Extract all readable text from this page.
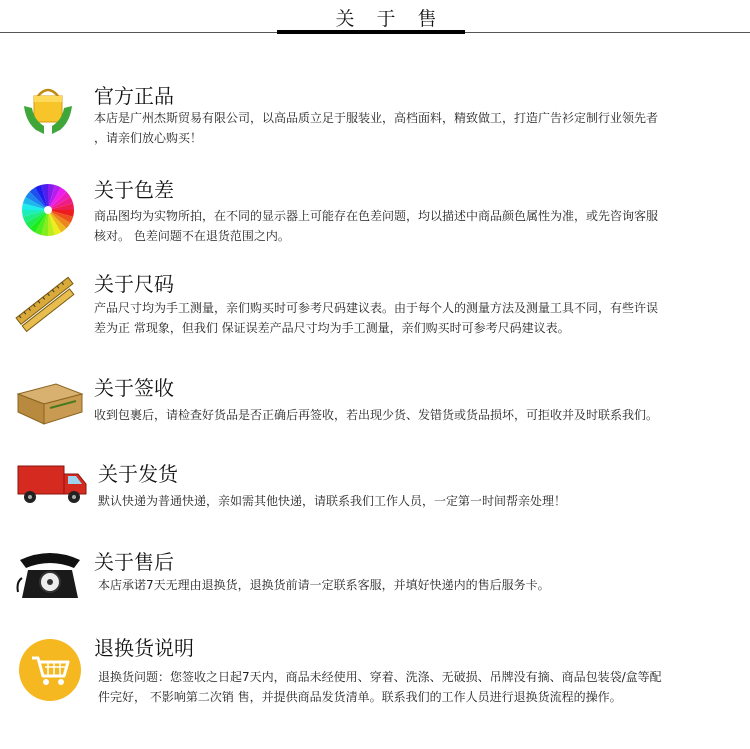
关于售
官方正品
本店是广州杰斯贸易有限公司，以高品质立足于服装业，高档面料，精致做工，打造广告衫定制行业领先者
，请亲们放心购买！
关于色差
商品图均为实物所拍，在不同的显示器上可能存在色差问题，均以描述中商品颜色属性为准，或先咨询客服
核对。 色差问题不在退货范围之内。
关于尺码
产品尺寸均为手工测量，亲们购买时可参考尺码建议表。由于每个人的测量方法及测量工具不同，有些许误
差为正 常现象，但我们 保证误差产品尺寸均为手工测量，亲们购买时可参考尺码建议表。
关于签收
收到包裹后，请检查好货品是否正确后再签收，若出现少货、发错货或货品损坏，可拒收并及时联系我们。
关于发货
默认快递为普通快递，亲如需其他快递，请联系我们工作人员，一定第一时间帮亲处理！
关于售后
本店承诺7天无理由退换货，退换货前请一定联系客服，并填好快递内的售后服务卡。
退换货说明
退换货问题：您签收之日起7天内，商品未经使用、穿着、洗涤、无破损、吊牌没有摘、商品包装袋/盒等配
件完好， 不影响第二次销 售，并提供商品发货清单。联系我们的工作人员进行退换货流程的操作。
